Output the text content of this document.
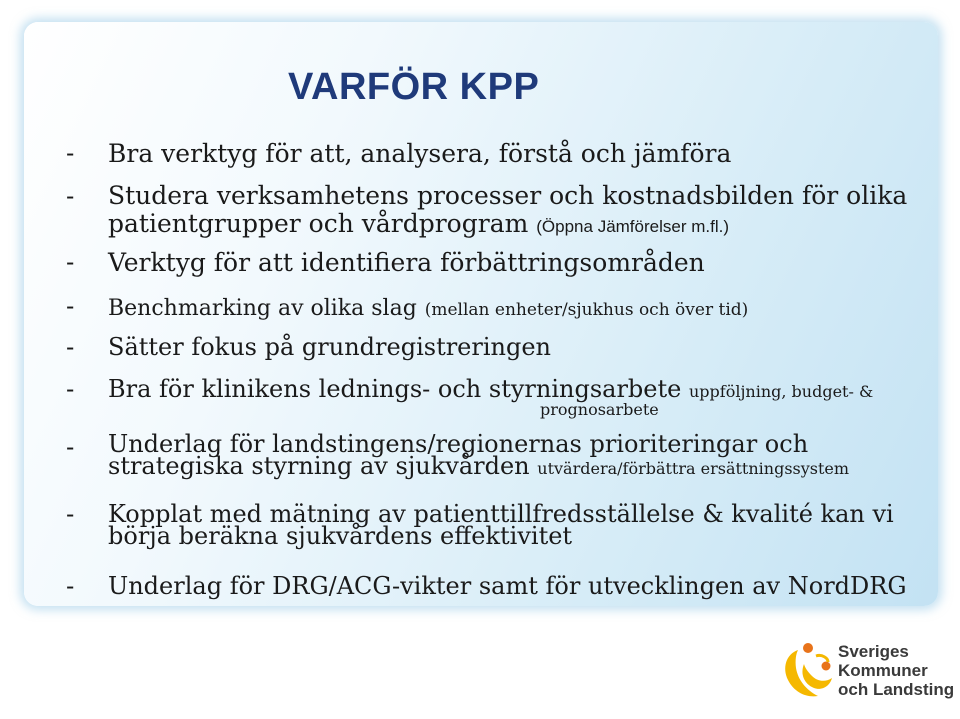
VARFÖR KPP
- Bra verktyg för att, analysera, förstå och jämföra
- Studera verksamhetens processer och kostnadsbilden för olika
patientgrupper och vårdprogram (Öppna Jämförelser m.fl.)
- Verktyg för att identifiera förbättringsområden
- Benchmarking av olika slag (mellan enheter/sjukhus och över tid)
- Sätter fokus på grundregistreringen
- Bra för klinikens lednings- och styrningsarbete uppföljning, budget- &
prognosarbete
- Underlag för landstingens/regionernas prioriteringar och
strategiska styrning av sjukvården utvärdera/förbättra ersättningssystem
- Kopplat med mätning av patienttillfredsställelse & kvalité kan vi
börja beräkna sjukvårdens effektivitet
- Underlag för DRG/ACG-vikter samt för utvecklingen av NordDRG
Sveriges
Kommuner
och Landsting
